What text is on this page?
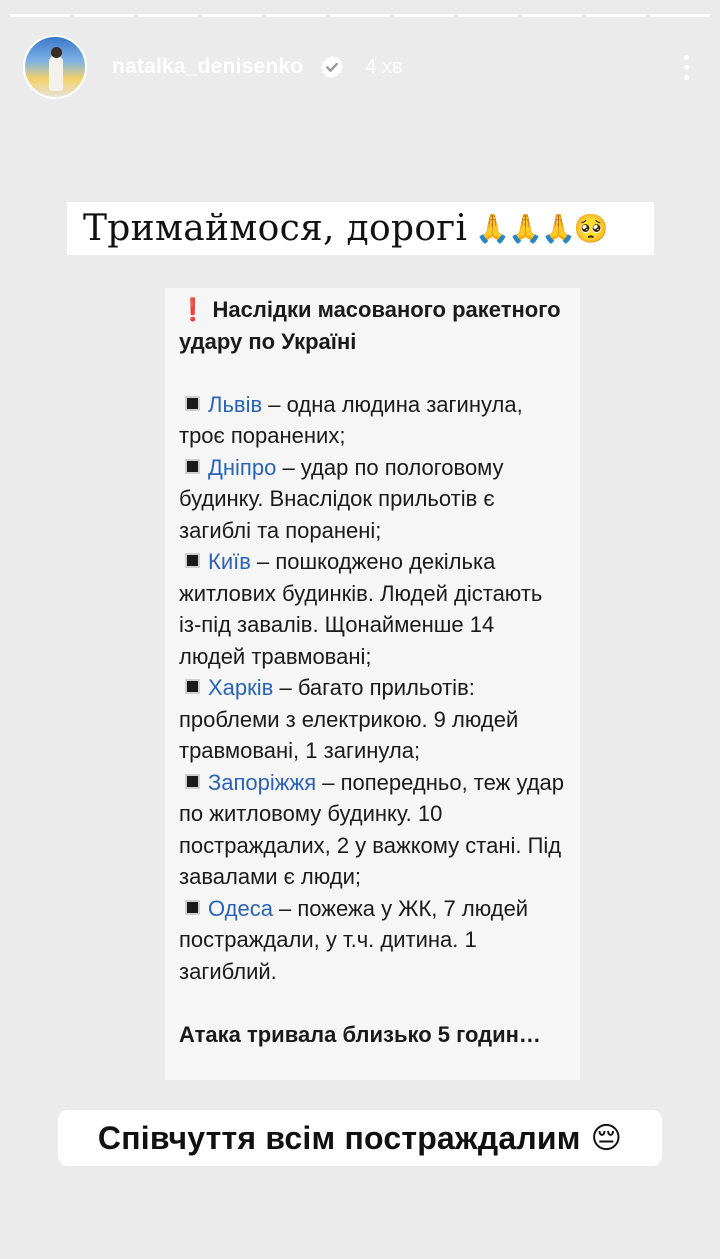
natalka_denisenko	4 хв
Тримаймося, дорогі 🙏🙏🙏🥺
❗ Наслідки масованого ракетного удару по Україні
Львів – одна людина загинула, троє поранених;
Дніпро – удар по пологовому будинку. Внаслідок прильотів є загиблі та поранені;
Київ – пошкоджено декілька житлових будинків. Людей дістають із-під завалів. Щонайменше 14 людей травмовані;
Харків – багато прильотів: проблеми з електрикою. 9 людей травмовані, 1 загинула;
Запоріжжя – попередньо, теж удар по житловому будинку. 10 постраждалих, 2 у важкому стані. Під завалами є люди;
Одеса – пожежа у ЖК, 7 людей постраждали, у т.ч. дитина. 1 загиблий.
Атака тривала близько 5 годин…
Співчуття всім постраждалим 😔
